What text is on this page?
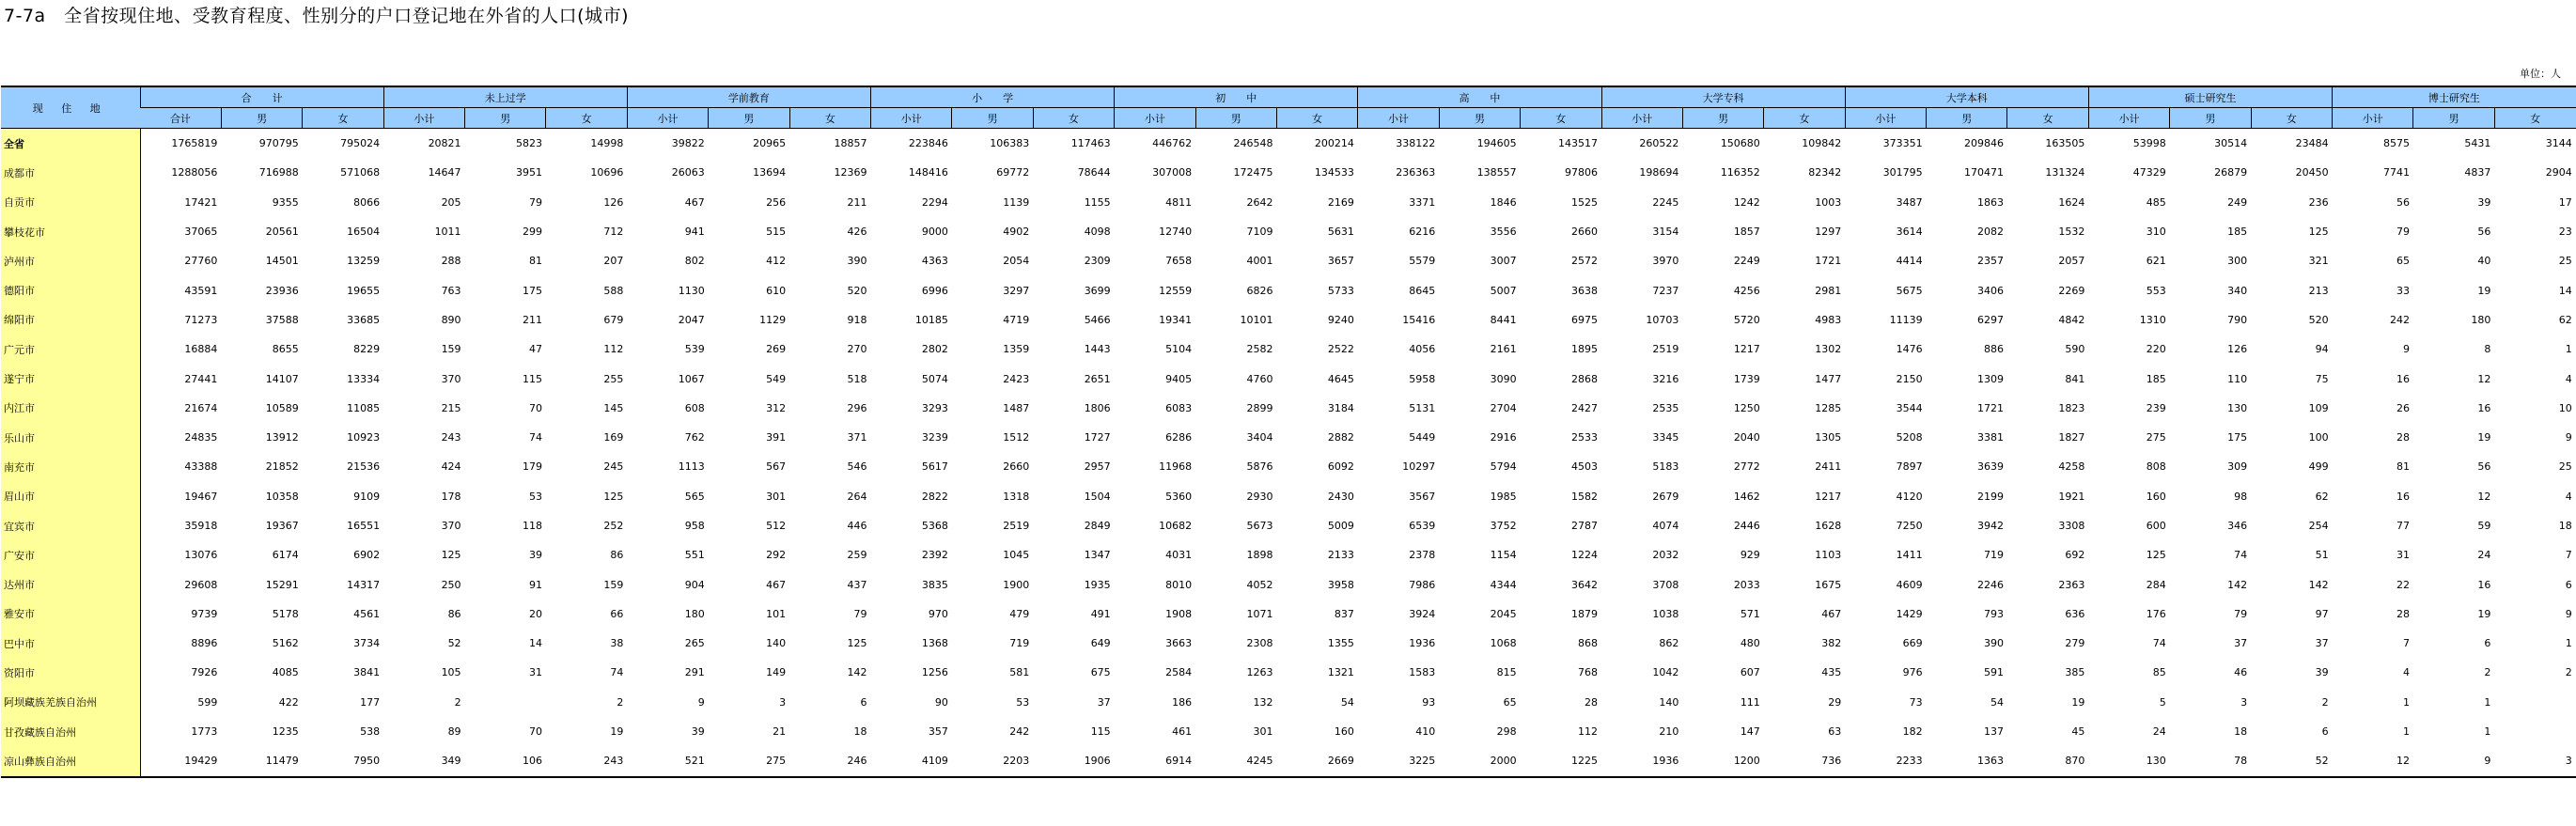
7-7a　全省按现住地、受教育程度、性别分的户口登记地在外省的人口(城市)
单位：人
现 住 地	合　　计			未上过学			学前教育			小　　学			初　　中			高　　中			大学专科			大学本科			硕士研究生			博士研究生		
	合计	男	女	小计	男	女	小计	男	女	小计	男	女	小计	男	女	小计	男	女	小计	男	女	小计	男	女	小计	男	女	小计	男	女
全省	1765819	970795	795024	20821	5823	14998	39822	20965	18857	223846	106383	117463	446762	246548	200214	338122	194605	143517	260522	150680	109842	373351	209846	163505	53998	30514	23484	8575	5431	3144
成都市	1288056	716988	571068	14647	3951	10696	26063	13694	12369	148416	69772	78644	307008	172475	134533	236363	138557	97806	198694	116352	82342	301795	170471	131324	47329	26879	20450	7741	4837	2904
自贡市	17421	9355	8066	205	79	126	467	256	211	2294	1139	1155	4811	2642	2169	3371	1846	1525	2245	1242	1003	3487	1863	1624	485	249	236	56	39	17
攀枝花市	37065	20561	16504	1011	299	712	941	515	426	9000	4902	4098	12740	7109	5631	6216	3556	2660	3154	1857	1297	3614	2082	1532	310	185	125	79	56	23
泸州市	27760	14501	13259	288	81	207	802	412	390	4363	2054	2309	7658	4001	3657	5579	3007	2572	3970	2249	1721	4414	2357	2057	621	300	321	65	40	25
德阳市	43591	23936	19655	763	175	588	1130	610	520	6996	3297	3699	12559	6826	5733	8645	5007	3638	7237	4256	2981	5675	3406	2269	553	340	213	33	19	14
绵阳市	71273	37588	33685	890	211	679	2047	1129	918	10185	4719	5466	19341	10101	9240	15416	8441	6975	10703	5720	4983	11139	6297	4842	1310	790	520	242	180	62
广元市	16884	8655	8229	159	47	112	539	269	270	2802	1359	1443	5104	2582	2522	4056	2161	1895	2519	1217	1302	1476	886	590	220	126	94	9	8	1
遂宁市	27441	14107	13334	370	115	255	1067	549	518	5074	2423	2651	9405	4760	4645	5958	3090	2868	3216	1739	1477	2150	1309	841	185	110	75	16	12	4
内江市	21674	10589	11085	215	70	145	608	312	296	3293	1487	1806	6083	2899	3184	5131	2704	2427	2535	1250	1285	3544	1721	1823	239	130	109	26	16	10
乐山市	24835	13912	10923	243	74	169	762	391	371	3239	1512	1727	6286	3404	2882	5449	2916	2533	3345	2040	1305	5208	3381	1827	275	175	100	28	19	9
南充市	43388	21852	21536	424	179	245	1113	567	546	5617	2660	2957	11968	5876	6092	10297	5794	4503	5183	2772	2411	7897	3639	4258	808	309	499	81	56	25
眉山市	19467	10358	9109	178	53	125	565	301	264	2822	1318	1504	5360	2930	2430	3567	1985	1582	2679	1462	1217	4120	2199	1921	160	98	62	16	12	4
宜宾市	35918	19367	16551	370	118	252	958	512	446	5368	2519	2849	10682	5673	5009	6539	3752	2787	4074	2446	1628	7250	3942	3308	600	346	254	77	59	18
广安市	13076	6174	6902	125	39	86	551	292	259	2392	1045	1347	4031	1898	2133	2378	1154	1224	2032	929	1103	1411	719	692	125	74	51	31	24	7
达州市	29608	15291	14317	250	91	159	904	467	437	3835	1900	1935	8010	4052	3958	7986	4344	3642	3708	2033	1675	4609	2246	2363	284	142	142	22	16	6
雅安市	9739	5178	4561	86	20	66	180	101	79	970	479	491	1908	1071	837	3924	2045	1879	1038	571	467	1429	793	636	176	79	97	28	19	9
巴中市	8896	5162	3734	52	14	38	265	140	125	1368	719	649	3663	2308	1355	1936	1068	868	862	480	382	669	390	279	74	37	37	7	6	1
资阳市	7926	4085	3841	105	31	74	291	149	142	1256	581	675	2584	1263	1321	1583	815	768	1042	607	435	976	591	385	85	46	39	4	2	2
阿坝藏族羌族自治州	599	422	177	2		2	9	3	6	90	53	37	186	132	54	93	65	28	140	111	29	73	54	19	5	3	2	1	1	
甘孜藏族自治州	1773	1235	538	89	70	19	39	21	18	357	242	115	461	301	160	410	298	112	210	147	63	182	137	45	24	18	6	1	1	
凉山彝族自治州	19429	11479	7950	349	106	243	521	275	246	4109	2203	1906	6914	4245	2669	3225	2000	1225	1936	1200	736	2233	1363	870	130	78	52	12	9	3
